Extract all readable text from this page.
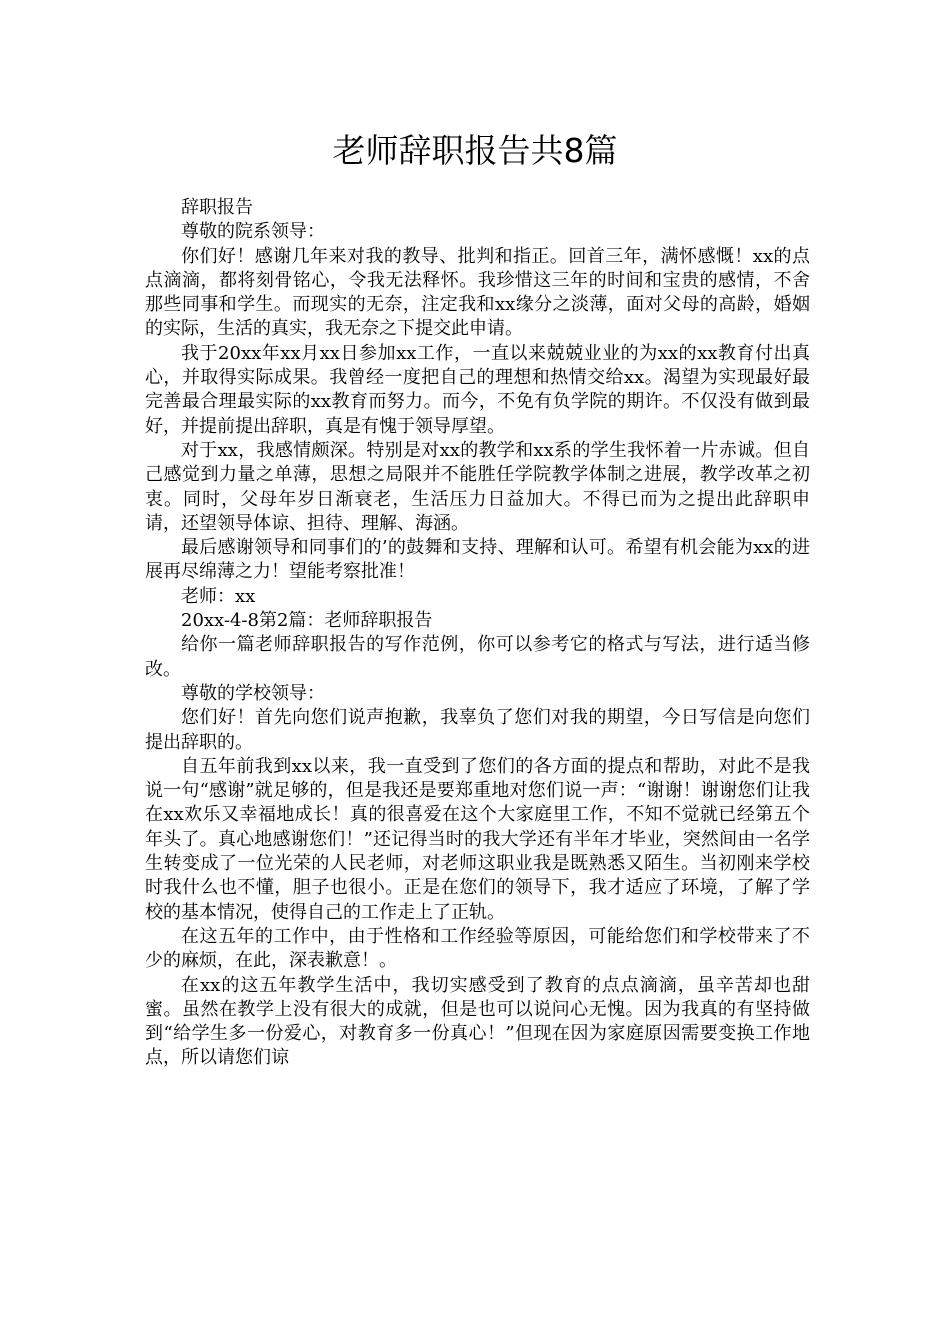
老师辞职报告共8篇

辞职报告

尊敬的院系领导：

你们好！感谢几年来对我的教导、批判和指正。回首三年，满怀感慨！xx的点点滴滴，都将刻骨铭心，令我无法释怀。我珍惜这三年的时间和宝贵的感情，不舍那些同事和学生。而现实的无奈，注定我和xx缘分之淡薄，面对父母的高龄，婚姻的实际，生活的真实，我无奈之下提交此申请。

我于20xx年xx月xx日参加xx工作，一直以来兢兢业业的为xx的xx教育付出真心，并取得实际成果。我曾经一度把自己的理想和热情交给xx。渴望为实现最好最完善最合理最实际的xx教育而努力。而今，不免有负学院的期许。不仅没有做到最好，并提前提出辞职，真是有愧于领导厚望。

对于xx，我感情颇深。特别是对xx的教学和xx系的学生我怀着一片赤诚。但自己感觉到力量之单薄，思想之局限并不能胜任学院教学体制之进展，教学改革之初衷。同时，父母年岁日渐衰老，生活压力日益加大。不得已而为之提出此辞职申请，还望领导体谅、担待、理解、海涵。

最后感谢领导和同事们的’的鼓舞和支持、理解和认可。希望有机会能为xx的进展再尽绵薄之力！望能考察批准！

老师：xx

20xx-4-8第2篇：老师辞职报告

给你一篇老师辞职报告的写作范例，你可以参考它的格式与写法，进行适当修改。

尊敬的学校领导：

您们好！首先向您们说声抱歉，我辜负了您们对我的期望，今日写信是向您们提出辞职的。

自五年前我到xx以来，我一直受到了您们的各方面的提点和帮助，对此不是我说一句“感谢”就足够的，但是我还是要郑重地对您们说一声：“谢谢！谢谢您们让我在xx欢乐又幸福地成长！真的很喜爱在这个大家庭里工作，不知不觉就已经第五个年头了。真心地感谢您们！”还记得当时的我大学还有半年才毕业，突然间由一名学生转变成了一位光荣的人民老师，对老师这职业我是既熟悉又陌生。当初刚来学校时我什么也不懂，胆子也很小。正是在您们的领导下，我才适应了环境，了解了学校的基本情况，使得自己的工作走上了正轨。

在这五年的工作中，由于性格和工作经验等原因，可能给您们和学校带来了不少的麻烦，在此，深表歉意！。

在xx的这五年教学生活中，我切实感受到了教育的点点滴滴，虽辛苦却也甜蜜。虽然在教学上没有很大的成就，但是也可以说问心无愧。因为我真的有坚持做到“给学生多一份爱心，对教育多一份真心！”但现在因为家庭原因需要变换工作地点，所以请您们谅
